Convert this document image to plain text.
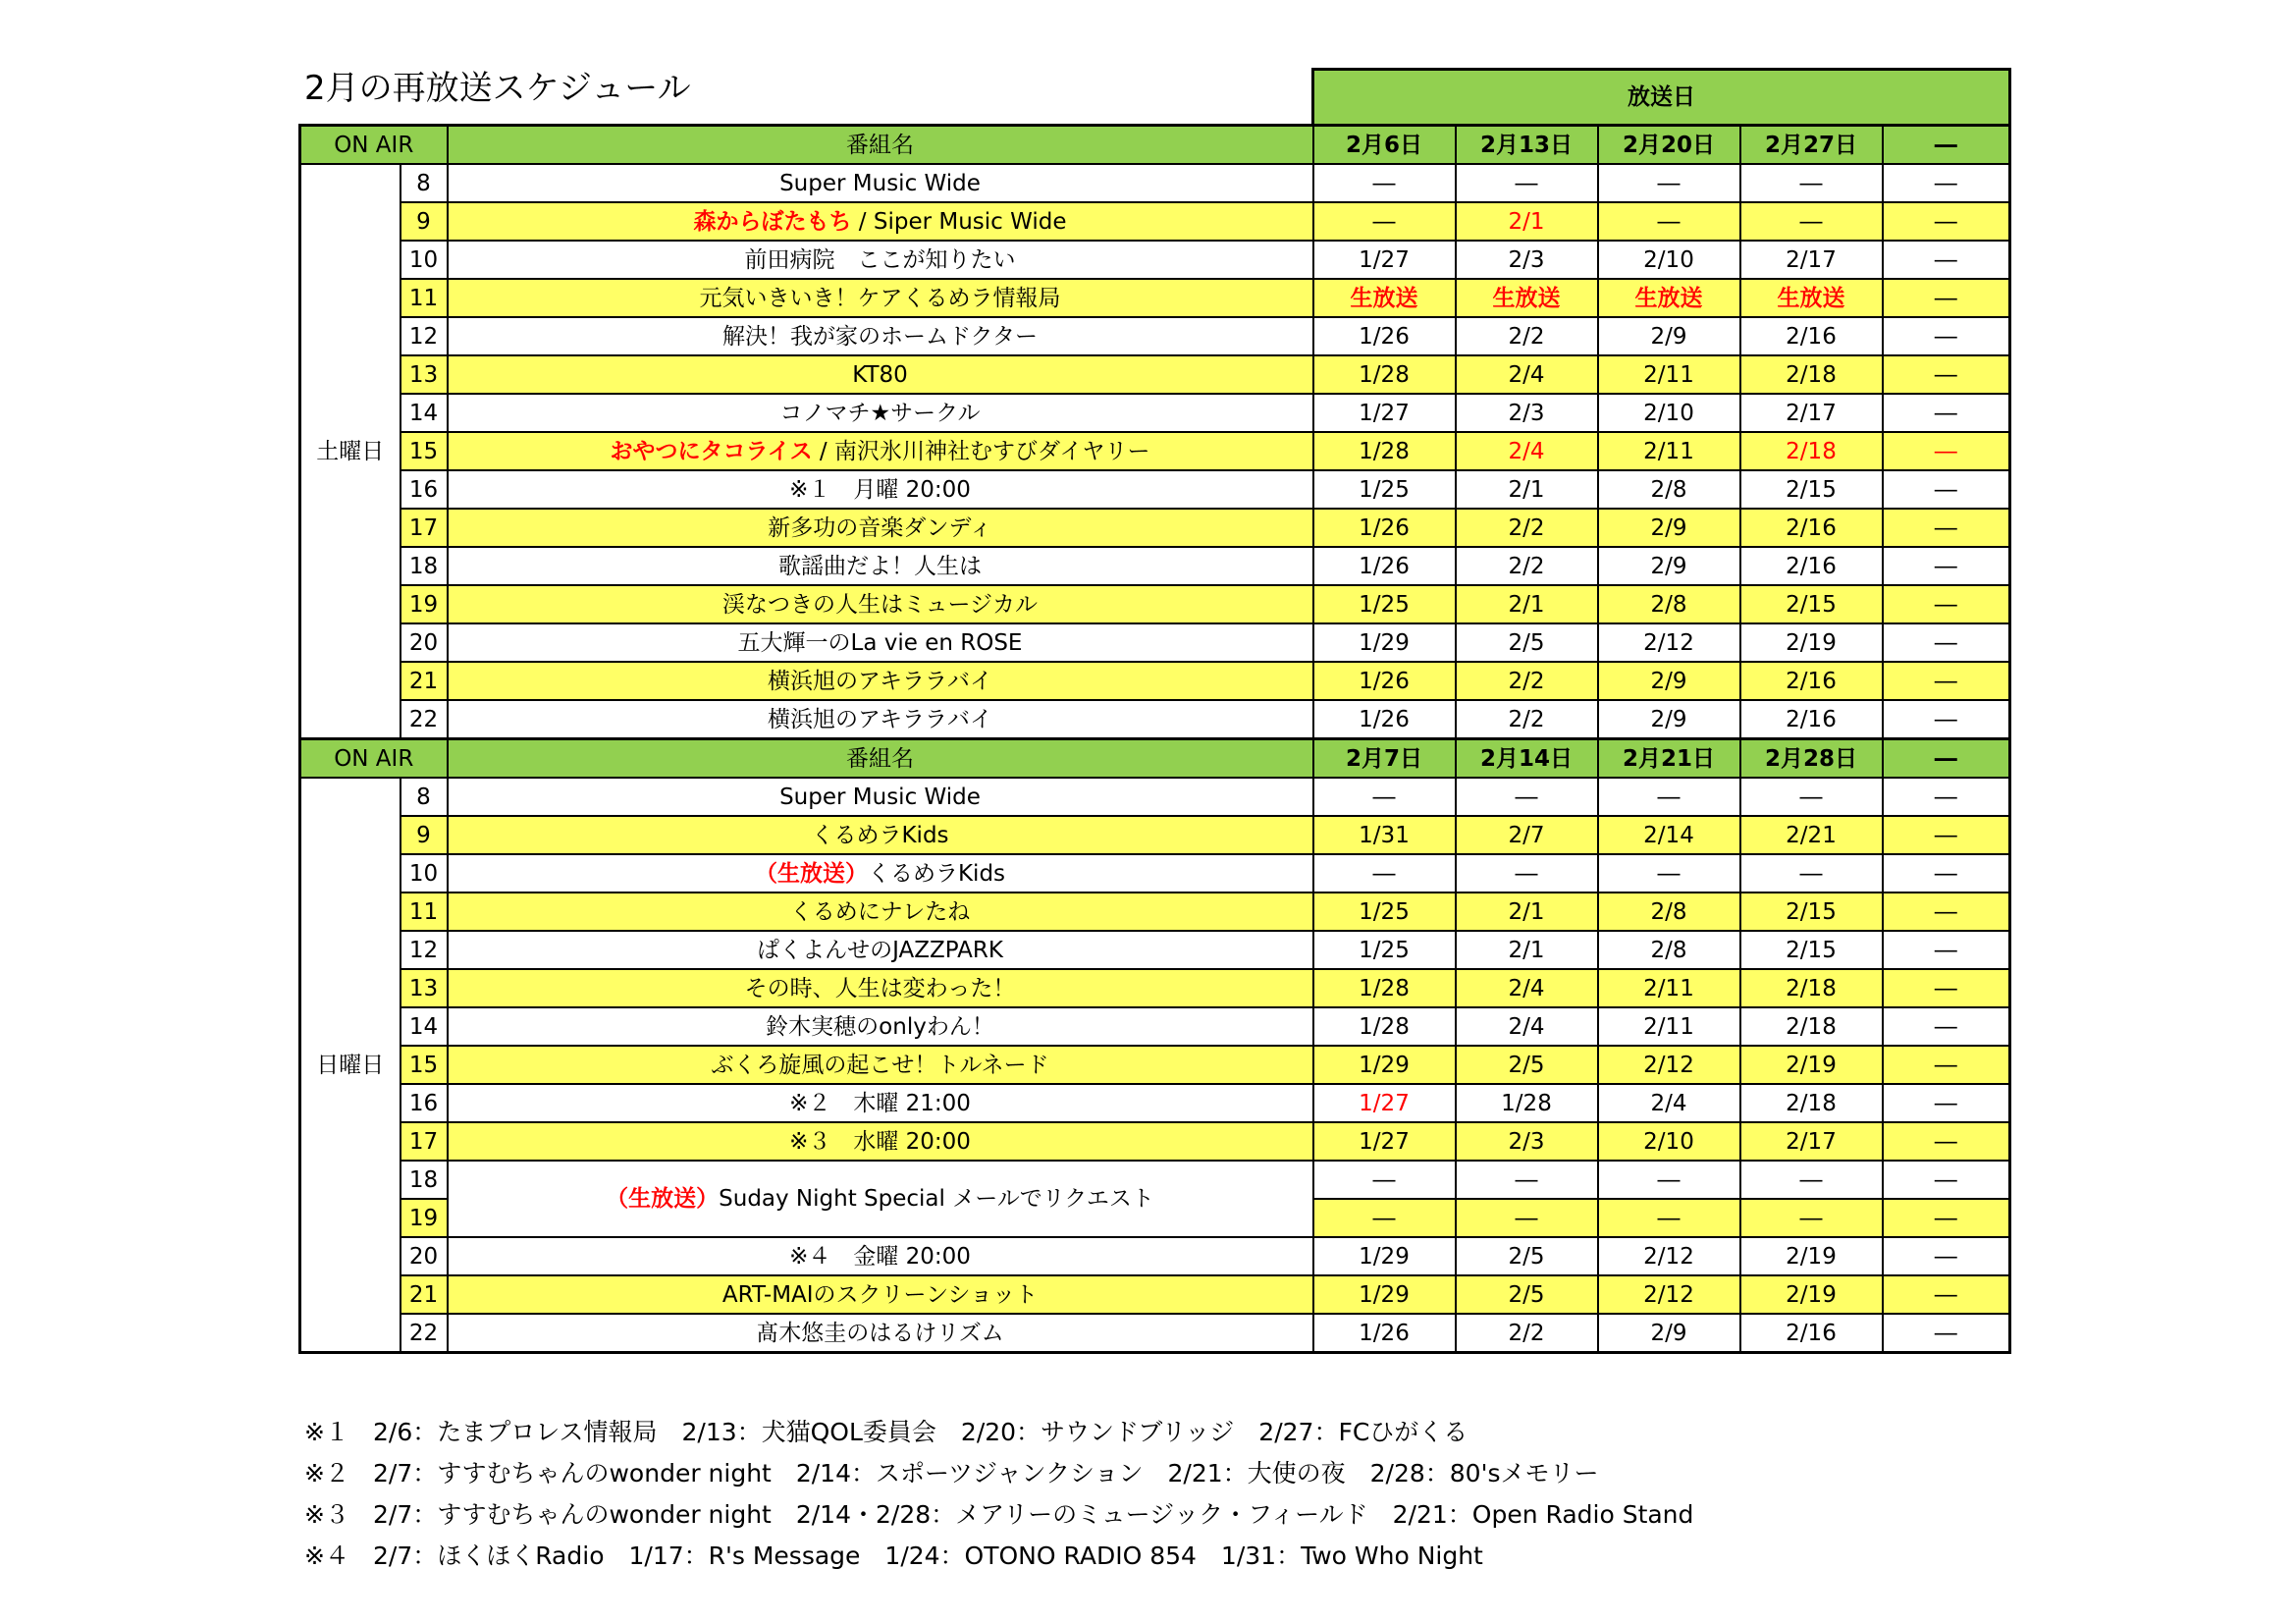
2月の再放送スケジュール
			放送日				
ON AIR		番組名	2月6日	2月13日	2月20日	2月27日	―
土曜日	8	Super Music Wide	―	―	―	―	―
	9	森からぼたもち / Siper Music Wide	―	2/1	―	―	―
	10	前田病院　ここが知りたい	1/27	2/3	2/10	2/17	―
	11	元気いきいき！ケアくるめラ情報局	生放送	生放送	生放送	生放送	―
	12	解決！我が家のホームドクター	1/26	2/2	2/9	2/16	―
	13	KT80	1/28	2/4	2/11	2/18	―
	14	コノマチ★サークル	1/27	2/3	2/10	2/17	―
	15	おやつにタコライス / 南沢氷川神社むすびダイヤリー	1/28	2/4	2/11	2/18	―
	16	※１　月曜 20:00	1/25	2/1	2/8	2/15	―
	17	新多功の音楽ダンディ	1/26	2/2	2/9	2/16	―
	18	歌謡曲だよ！人生は	1/26	2/2	2/9	2/16	―
	19	渓なつきの人生はミュージカル	1/25	2/1	2/8	2/15	―
	20	五大輝一のLa vie en ROSE	1/29	2/5	2/12	2/19	―
	21	横浜旭のアキララバイ	1/26	2/2	2/9	2/16	―
	22	横浜旭のアキララバイ	1/26	2/2	2/9	2/16	―
ON AIR		番組名	2月7日	2月14日	2月21日	2月28日	―
日曜日	8	Super Music Wide	―	―	―	―	―
	9	くるめラKids	1/31	2/7	2/14	2/21	―
	10	（生放送）くるめラKids	―	―	―	―	―
	11	くるめにナレたね	1/25	2/1	2/8	2/15	―
	12	ぱくよんせのJAZZPARK	1/25	2/1	2/8	2/15	―
	13	その時、人生は変わった！	1/28	2/4	2/11	2/18	―
	14	鈴木実穂のonlyわん！	1/28	2/4	2/11	2/18	―
	15	ぶくろ旋風の起こせ！トルネード	1/29	2/5	2/12	2/19	―
	16	※２　木曜 21:00	1/27	1/28	2/4	2/18	―
	17	※３　水曜 20:00	1/27	2/3	2/10	2/17	―
	18	（生放送）Suday Night Special メールでリクエスト	―	―	―	―	―
	19		―	―	―	―	―
	20	※４　金曜 20:00	1/29	2/5	2/12	2/19	―
	21	ART-MAIのスクリーンショット	1/29	2/5	2/12	2/19	―
	22	髙木悠圭のはるけリズム	1/26	2/2	2/9	2/16	―
※１ 2/6：たまプロレス情報局　2/13：犬猫QOL委員会　2/20：サウンドブリッジ　2/27：FCひがくる
※２ 2/7：すすむちゃんのwonder night　2/14：スポーツジャンクション　2/21：大使の夜　2/28：80'sメモリー
※３ 2/7：すすむちゃんのwonder night　2/14・2/28：メアリーのミュージック・フィールド　2/21：Open Radio Stand
※４ 2/7：ほくほくRadio　1/17：R's Message　1/24：OTONO RADIO 854　1/31：Two Who Night
